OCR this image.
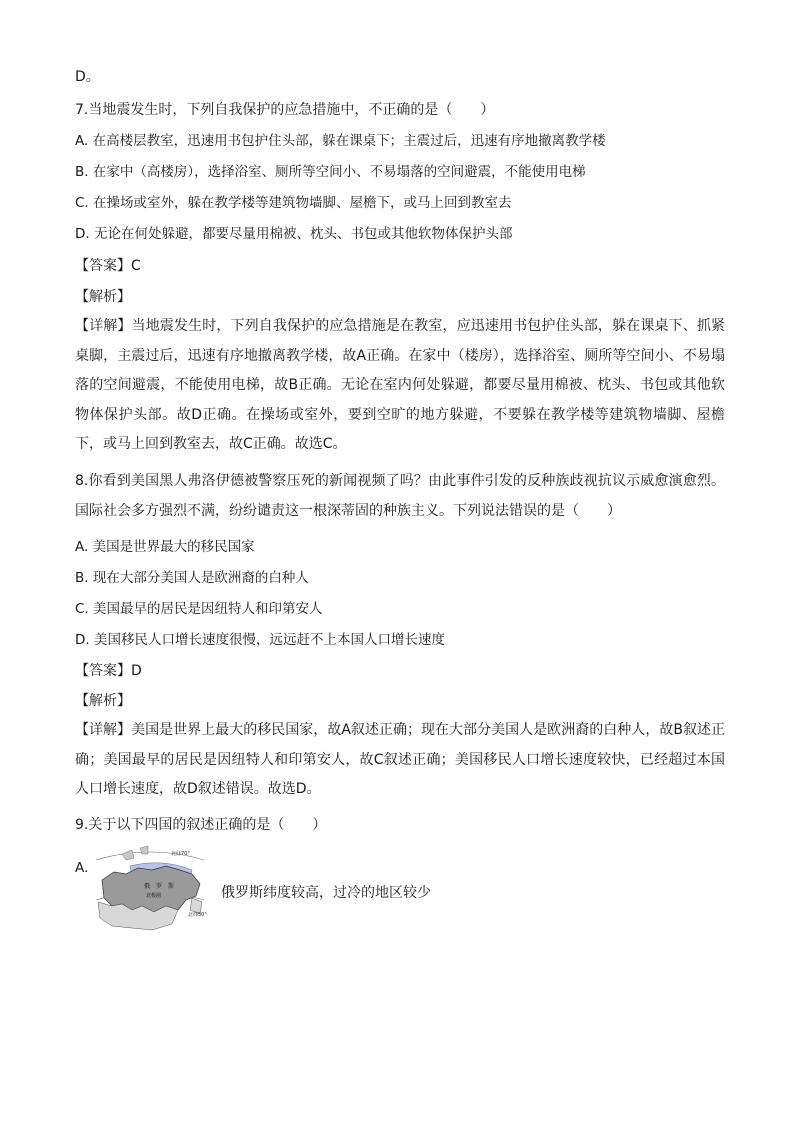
D。
7.当地震发生时，下列自我保护的应急措施中，不正确的是（　　）
A. 在高楼层教室，迅速用书包护住头部，躲在课桌下；主震过后，迅速有序地撤离教学楼
B. 在家中（高楼房），选择浴室、厕所等空间小、不易塌落的空间避震，不能使用电梯
C. 在操场或室外，躲在教学楼等建筑物墙脚、屋檐下，或马上回到教室去
D. 无论在何处躲避，都要尽量用棉被、枕头、书包或其他软物体保护头部
【答案】C
【解析】
【详解】当地震发生时，下列自我保护的应急措施是在教室，应迅速用书包护住头部，躲在课桌下、抓紧桌脚，主震过后，迅速有序地撤离教学楼，故A正确。在家中（楼房），选择浴室、厕所等空间小、不易塌落的空间避震，不能使用电梯，故B正确。无论在室内何处躲避，都要尽量用棉被、枕头、书包或其他软物体保护头部。故D正确。在操场或室外，要到空旷的地方躲避，不要躲在教学楼等建筑物墙脚、屋檐下，或马上回到教室去，故C正确。故选C。
8.你看到美国黑人弗洛伊德被警察压死的新闻视频了吗？由此事件引发的反种族歧视抗议示威愈演愈烈。国际社会多方强烈不满，纷纷谴责这一根深蒂固的种族主义。下列说法错误的是（　　）
A. 美国是世界最大的移民国家
B. 现在大部分美国人是欧洲裔的白种人
C. 美国最早的居民是因纽特人和印第安人
D. 美国移民人口增长速度很慢，远远赶不上本国人口增长速度
【答案】D
【解析】
【详解】美国是世界上最大的移民国家，故A叙述正确；现在大部分美国人是欧洲裔的白种人，故B叙述正确；美国最早的居民是因纽特人和印第安人，故C叙述正确；美国移民人口增长速度较快，已经超过本国人口增长速度，故D叙述错误。故选D。
9.关于以下四国的叙述正确的是（　　）
A.
北纬70°
北纬50°
俄　罗　斯
北极圈	俄罗斯纬度较高，过冷的地区较少
